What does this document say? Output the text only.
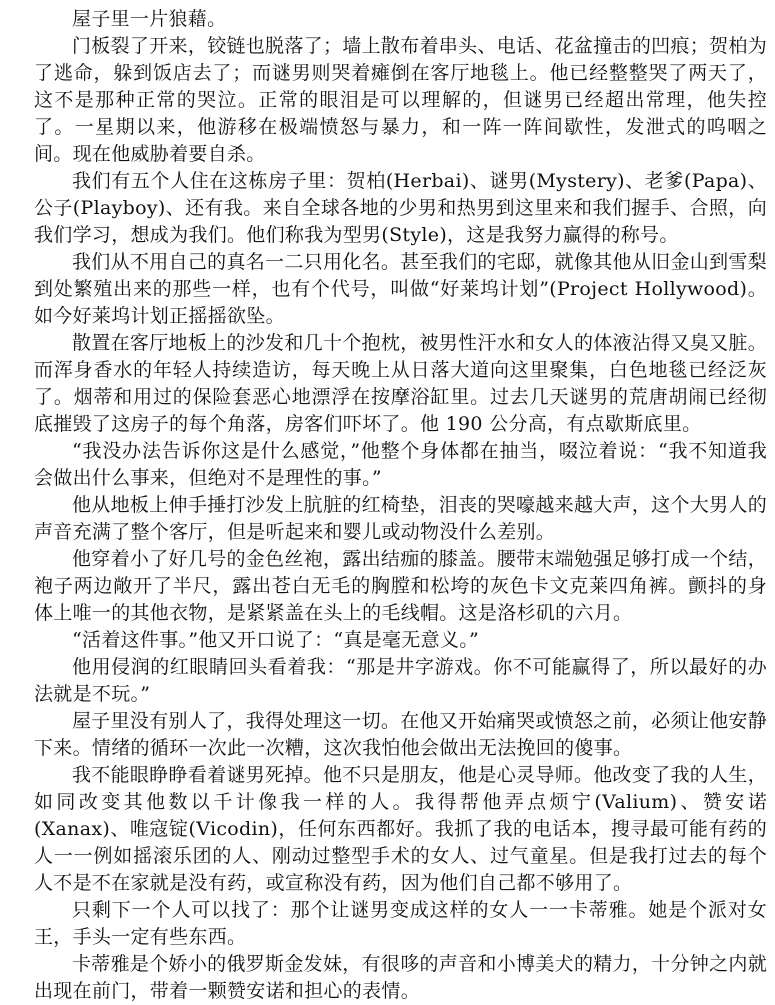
屋子里一片狼藉。

门板裂了开来，铰链也脱落了；墙上散布着串头、电话、花盆撞击的凹痕；贺柏为了逃命，躲到饭店去了；而谜男则哭着瘫倒在客厅地毯上。他已经整整哭了两天了，这不是那种正常的哭泣。正常的眼泪是可以理解的，但谜男已经超出常理，他失控了。一星期以来，他游移在极端愤怒与暴力，和一阵一阵间歇性，发泄式的呜咽之间。现在他威胁着要自杀。

我们有五个人住在这栋房子里：贺柏(Herbai)、谜男(Mystery)、老爹(Papa)、公子(Playboy)、还有我。来自全球各地的少男和热男到这里来和我们握手、合照，向我们学习，想成为我们。他们称我为型男(Style)，这是我努力赢得的称号。

我们从不用自己的真名一二只用化名。甚至我们的宅邸，就像其他从旧金山到雪梨到处繁殖出来的那些一样，也有个代号，叫做“好莱坞计划”(Project Hollywood)。如今好莱坞计划正摇摇欲坠。

散置在客厅地板上的沙发和几十个抱枕，被男性汗水和女人的体液沾得又臭又脏。而浑身香水的年轻人持续造访，每天晚上从日落大道向这里聚集，白色地毯已经泛灰了。烟蒂和用过的保险套恶心地漂浮在按摩浴缸里。过去几天谜男的荒唐胡闹已经彻底摧毁了这房子的每个角落，房客们吓坏了。他 190 公分高，有点歇斯底里。

“我没办法告诉你这是什么感觉，”他整个身体都在抽当，啜泣着说：“我不知道我会做出什么事来，但绝对不是理性的事。”

他从地板上伸手捶打沙发上肮脏的红椅垫，泪丧的哭嚎越来越大声，这个大男人的声音充满了整个客厅，但是听起来和婴儿或动物没什么差别。

他穿着小了好几号的金色丝袍，露出结痂的膝盖。腰带末端勉强足够打成一个结，袍子两边敞开了半尺，露出苍白无毛的胸膛和松垮的灰色卡文克莱四角裤。颤抖的身体上唯一的其他衣物，是紧紧盖在头上的毛线帽。这是洛杉矶的六月。

“活着这件事。”他又开口说了：“真是毫无意义。”

他用侵润的红眼睛回头看着我：“那是井字游戏。你不可能赢得了，所以最好的办法就是不玩。”

屋子里没有别人了，我得处理这一切。在他又开始痛哭或愤怒之前，必须让他安静下来。情绪的循环一次此一次糟，这次我怕他会做出无法挽回的傻事。

我不能眼睁睁看着谜男死掉。他不只是朋友，他是心灵导师。他改变了我的人生，如同改变其他数以千计像我一样的人。我得帮他弄点烦宁(Valium)、赞安诺(Xanax)、唯寇锭(Vicodin)，任何东西都好。我抓了我的电话本，搜寻最可能有药的人一一例如摇滚乐团的人、刚动过整型手术的女人、过气童星。但是我打过去的每个人不是不在家就是没有药，或宣称没有药，因为他们自己都不够用了。

只剩下一个人可以找了：那个让谜男变成这样的女人一一卡蒂雅。她是个派对女王，手头一定有些东西。

卡蒂雅是个娇小的俄罗斯金发妹，有很哆的声音和小博美犬的精力，十分钟之内就出现在前门，带着一颗赞安诺和担心的表情。
